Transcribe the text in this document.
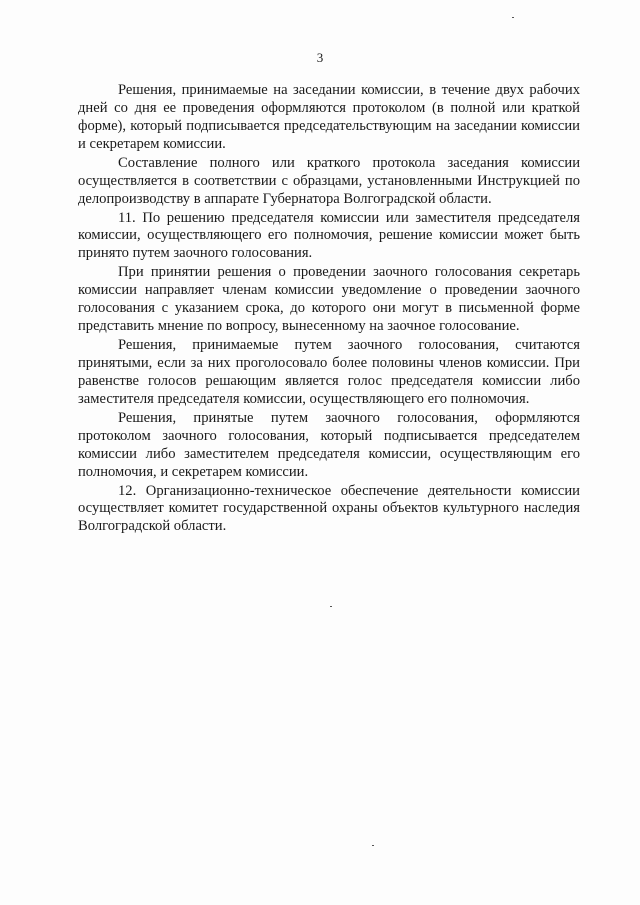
3

Решения, принимаемые на заседании комиссии, в течение двух рабочих дней со дня ее проведения оформляются протоколом (в полной или краткой форме), который подписывается председательствующим на заседании комиссии и секретарем комиссии.

Составление полного или краткого протокола заседания комиссии осуществляется в соответствии с образцами, установленными Инструкцией по делопроизводству в аппарате Губернатора Волгоградской области.

11. По решению председателя комиссии или заместителя председателя комиссии, осуществляющего его полномочия, решение комиссии может быть принято путем заочного голосования.

При принятии решения о проведении заочного голосования секретарь комиссии направляет членам комиссии уведомление о проведении заочного голосования с указанием срока, до которого они могут в письменной форме представить мнение по вопросу, вынесенному на заочное голосование.

Решения, принимаемые путем заочного голосования, считаются принятыми, если за них проголосовало более половины членов комиссии. При равенстве голосов решающим является голос председателя комиссии либо заместителя председателя комиссии, осуществляющего его полномочия.

Решения, принятые путем заочного голосования, оформляются протоколом заочного голосования, который подписывается председателем комиссии либо заместителем председателя комиссии, осуществляющим его полномочия, и секретарем комиссии.

12. Организационно-техническое обеспечение деятельности комиссии осуществляет комитет государственной охраны объектов культурного наследия Волгоградской области.
